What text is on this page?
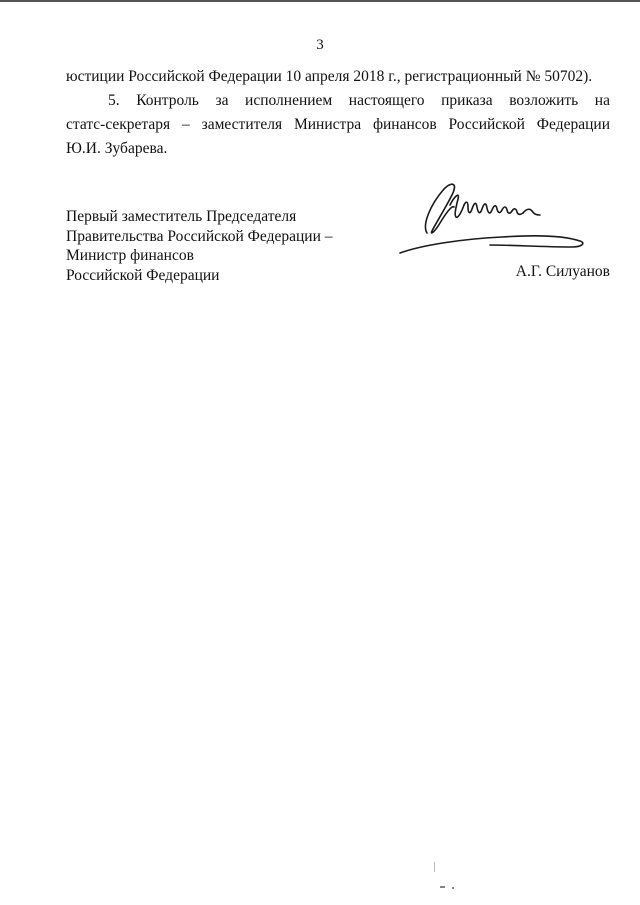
3

юстиции Российской Федерации 10 апреля 2018 г., регистрационный № 50702).

5. Контроль за исполнением настоящего приказа возложить на

статс-секретаря – заместителя Министра финансов Российской Федерации

Ю.И. Зубарева.

Первый заместитель Председателя
Правительства Российской Федерации –
Министр финансов
Российской Федерации	А.Г. Силуанов
